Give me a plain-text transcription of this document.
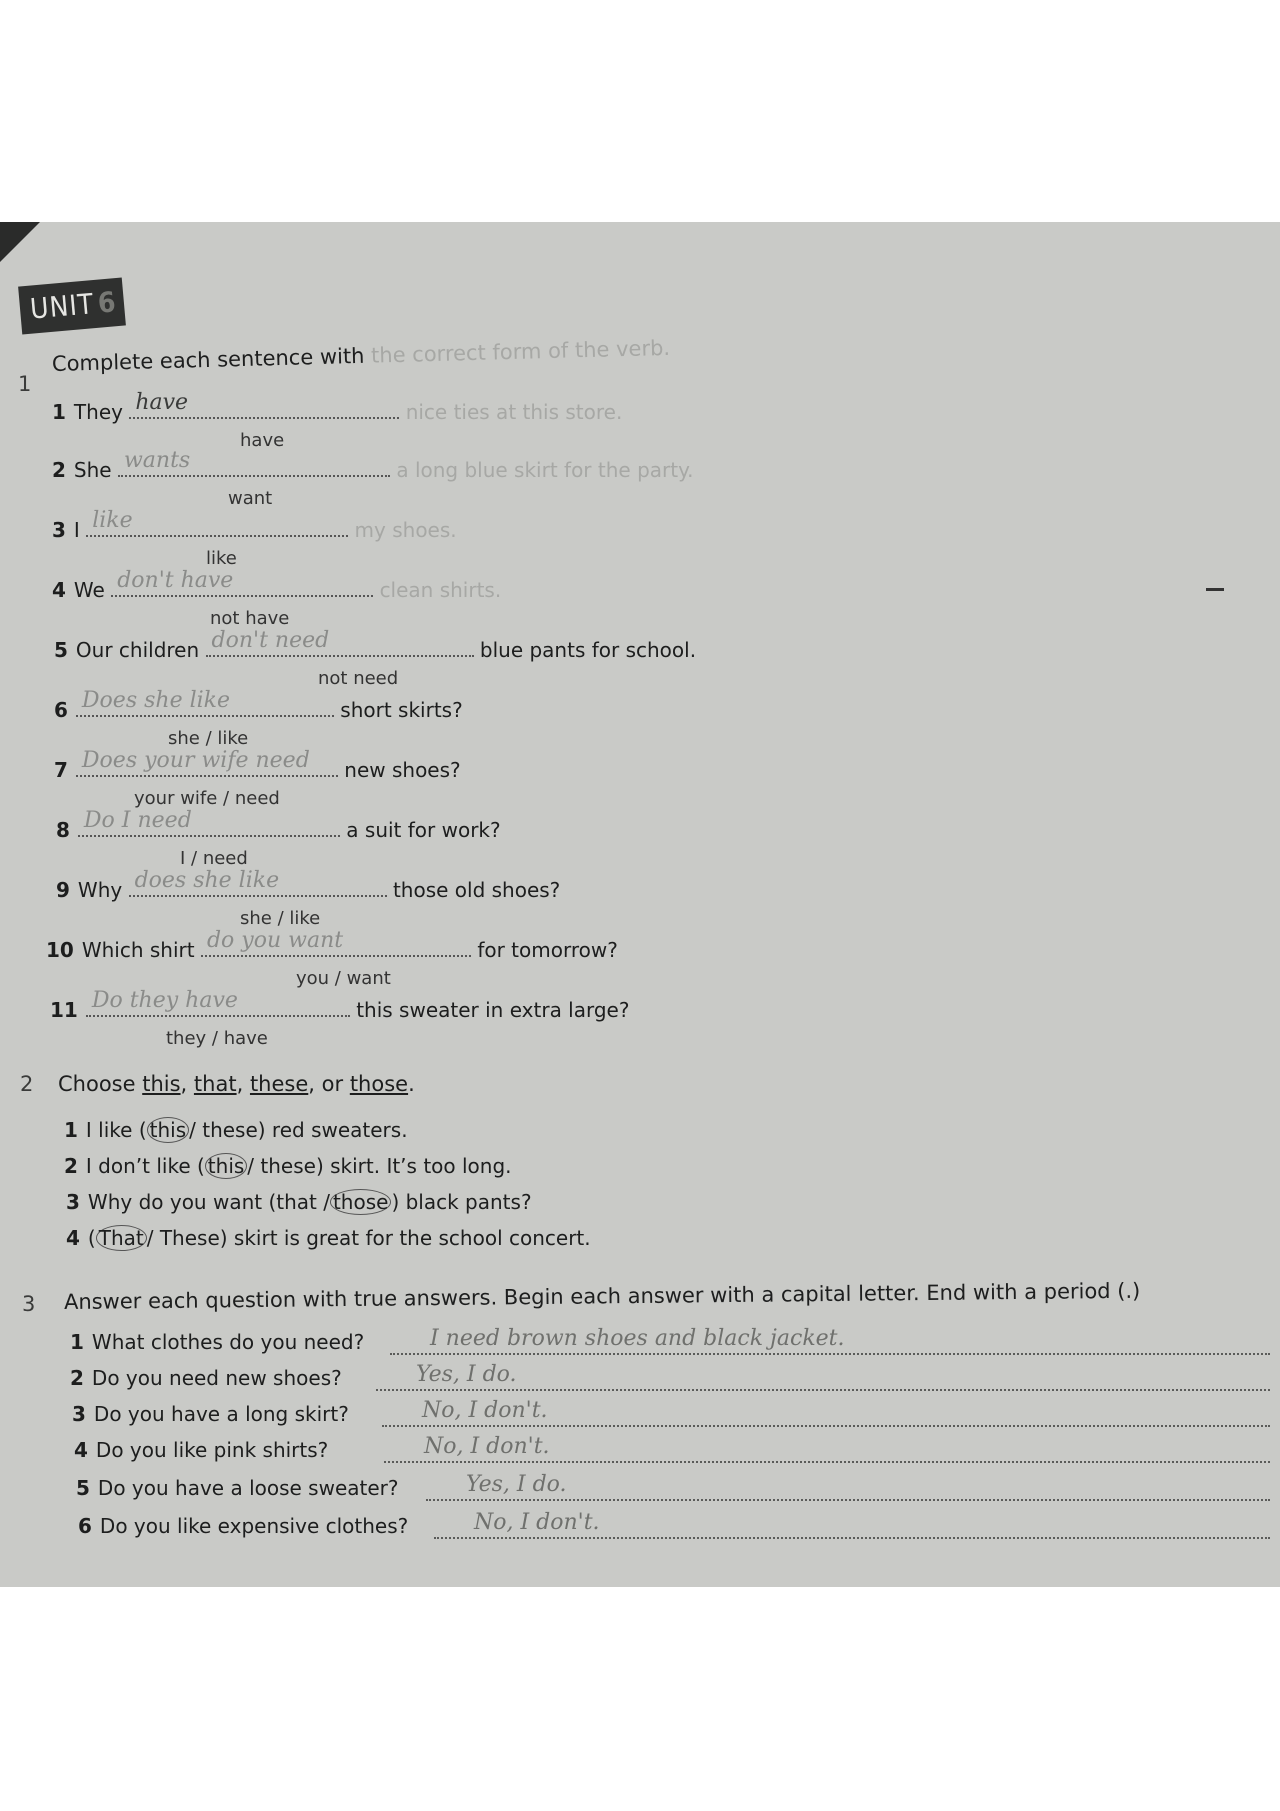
UNIT6
1
Complete each sentence with the correct form of the verb.
1 They have	nice ties at this store.
have
2 She wants	a long blue skirt for the party.
want
3 I like	my shoes.
like
4 We don't have	clean shirts.
not have
5 Our children don't need	blue pants for school.
not need
6 Does she like	short skirts?
she / like
7 Does your wife need new shoes?
your wife / need
8 Do I need	a suit for work?
I / need
9 Why does she like	those old shoes?
she / like
10 Which shirt do you want	for tomorrow?
you / want
11 Do they have	this sweater in extra large?
they / have
2 Choose this, that, these, or those.
1 I like ( this / these) red sweaters.
2 I don’t like ( this / these) skirt. It’s too long.
3 Why do you want (that / those ) black pants?
4 ( That / These) skirt is great for the school concert.
3 Answer each question with true answers. Begin each answer with a capital letter. End with a period (.)
1 What clothes do you need?	I need brown shoes and black jacket.
2 Do you need new shoes?	Yes, I do.
3 Do you have a long skirt?	No, I don't.
4 Do you like pink shirts?	No, I don't.
5 Do you have a loose sweater?	Yes, I do.
6 Do you like expensive clothes?	No, I don't.
